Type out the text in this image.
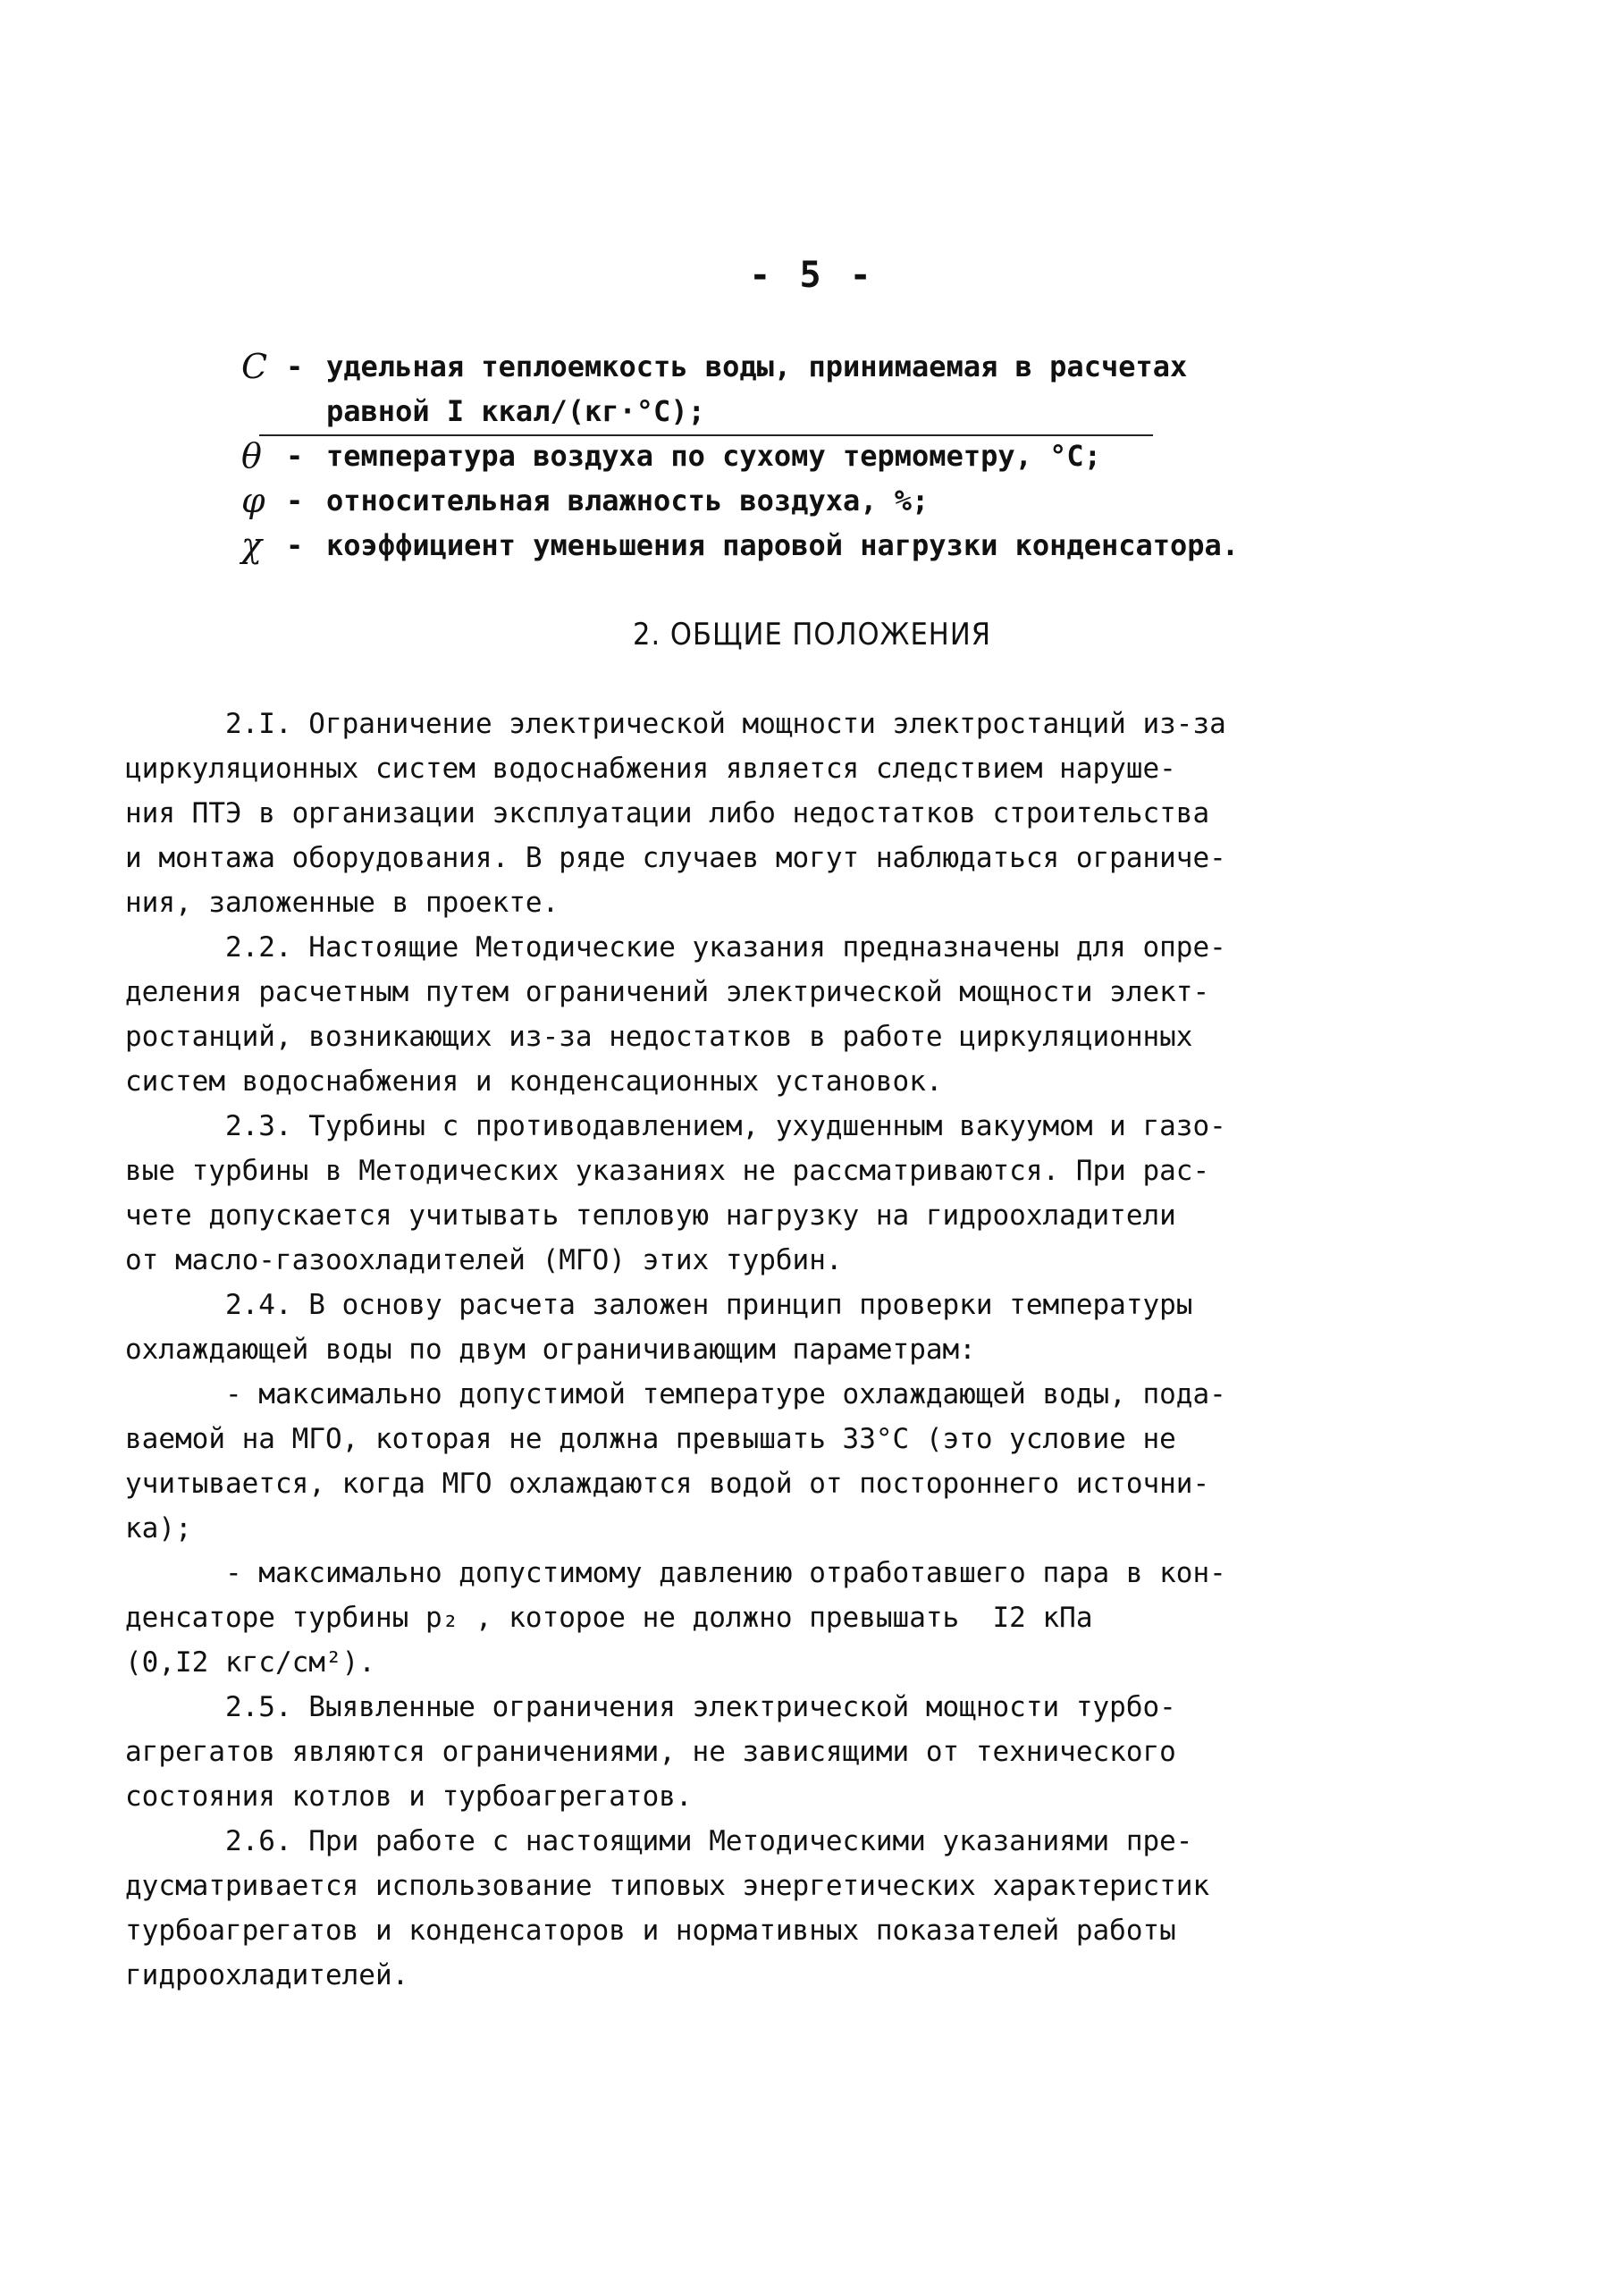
- 5 -
C - удельная теплоемкость воды, принимаемая в расчетах
равной I ккал/(кг·°C);
θ - температура воздуха по сухому термометру, °C;
φ - относительная влажность воздуха, %;
χ - коэффициент уменьшения паровой нагрузки конденсатора.
2. ОБЩИЕ ПОЛОЖЕНИЯ

2.I. Ограничение электрической мощности электростанций из-за
циркуляционных систем водоснабжения является следствием наруше-
ния ПТЭ в организации эксплуатации либо недостатков строительства
и монтажа оборудования. В ряде случаев могут наблюдаться ограниче-
ния, заложенные в проекте.

2.2. Настоящие Методические указания предназначены для опре-
деления расчетным путем ограничений электрической мощности элект-
ростанций, возникающих из-за недостатков в работе циркуляционных
систем водоснабжения и конденсационных установок.

2.3. Турбины с противодавлением, ухудшенным вакуумом и газо-
вые турбины в Методических указаниях не рассматриваются. При рас-
чете допускается учитывать тепловую нагрузку на гидроохладители
от масло-газоохладителей (МГО) этих турбин.

2.4. В основу расчета заложен принцип проверки температуры
охлаждающей воды по двум ограничивающим параметрам:
- максимально допустимой температуре охлаждающей воды, пода-
ваемой на МГО, которая не должна превышать 33°C (это условие не
учитывается, когда МГО охлаждаются водой от постороннего источни-
ка);

- максимально допустимому давлению отработавшего пара в кон-
денсаторе турбины p₂ , которое не должно превышать  I2 кПа
(0,I2 кгс/см²).

2.5. Выявленные ограничения электрической мощности турбо-
агрегатов являются ограничениями, не зависящими от технического
состояния котлов и турбоагрегатов.

2.6. При работе с настоящими Методическими указаниями пре-
дусматривается использование типовых энергетических характеристик
турбоагрегатов и конденсаторов и нормативных показателей работы
гидроохладителей.
